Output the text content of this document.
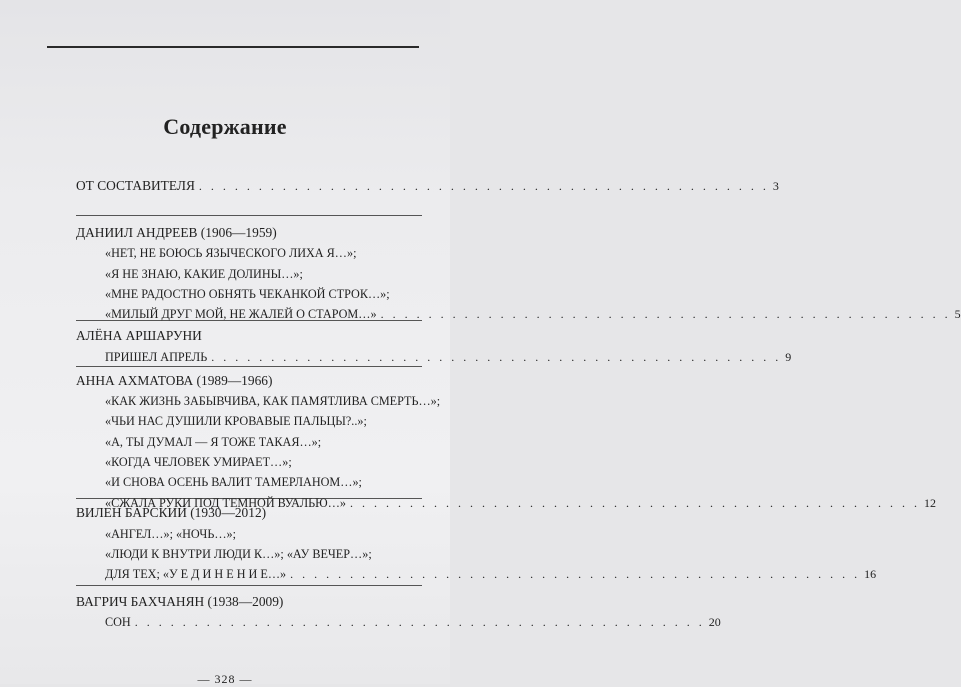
Содержание
ОТ СОСТАВИТЕЛЯ . . . . . . . . . . . . . . . . . . . . . . . . . . . . . . . . . . . . . . . . . . . . . . . . 3
ДАНИИЛ АНДРЕЕВ (1906—1959)
«НЕТ, НЕ БОЮСЬ ЯЗЫЧЕСКОГО ЛИХА Я…»;
«Я НЕ ЗНАЮ, КАКИЕ ДОЛИНЫ…»;
«МНЕ РАДОСТНО ОБНЯТЬ ЧЕКАНКОЙ СТРОК…»;
«МИЛЫЙ ДРУГ МОЙ, НЕ ЖАЛЕЙ О СТАРОМ…» . . . . . . . . . . . . . . . . . . . . . . . . . . . . . . . . . . . . . . . . . . . . . . . . 5
АЛЁНА АРШАРУНИ
ПРИШЕЛ АПРЕЛЬ . . . . . . . . . . . . . . . . . . . . . . . . . . . . . . . . . . . . . . . . . . . . . . . . 9
АННА АХМАТОВА (1989—1966)
«КАК ЖИЗНЬ ЗАБЫВЧИВА, КАК ПАМЯТЛИВА СМЕРТЬ…»;
«ЧЬИ НАС ДУШИЛИ КРОВАВЫЕ ПАЛЬЦЫ?..»;
«А, ТЫ ДУМАЛ — Я ТОЖЕ ТАКАЯ…»;
«КОГДА ЧЕЛОВЕК УМИРАЕТ…»;
«И СНОВА ОСЕНЬ ВАЛИТ ТАМЕРЛАНОМ…»;
«СЖАЛА РУКИ ПОД ТЕМНОЙ ВУАЛЬЮ…» . . . . . . . . . . . . . . . . . . . . . . . . . . . . . . . . . . . . . . . . . . . . . . . . 12
ВИЛЕН БАРСКИЙ (1930—2012)
«АНГЕЛ…»; «НОЧЬ…»;
«ЛЮДИ К ВНУТРИ ЛЮДИ К…»; «АУ ВЕЧЕР…»;
ДЛЯ ТЕХ; «У Е Д И Н Е Н И Е…» . . . . . . . . . . . . . . . . . . . . . . . . . . . . . . . . . . . . . . . . . . . . . . . . 16
ВАГРИЧ БАХЧАНЯН (1938—2009)
СОН . . . . . . . . . . . . . . . . . . . . . . . . . . . . . . . . . . . . . . . . . . . . . . . . 20
— 328 —
